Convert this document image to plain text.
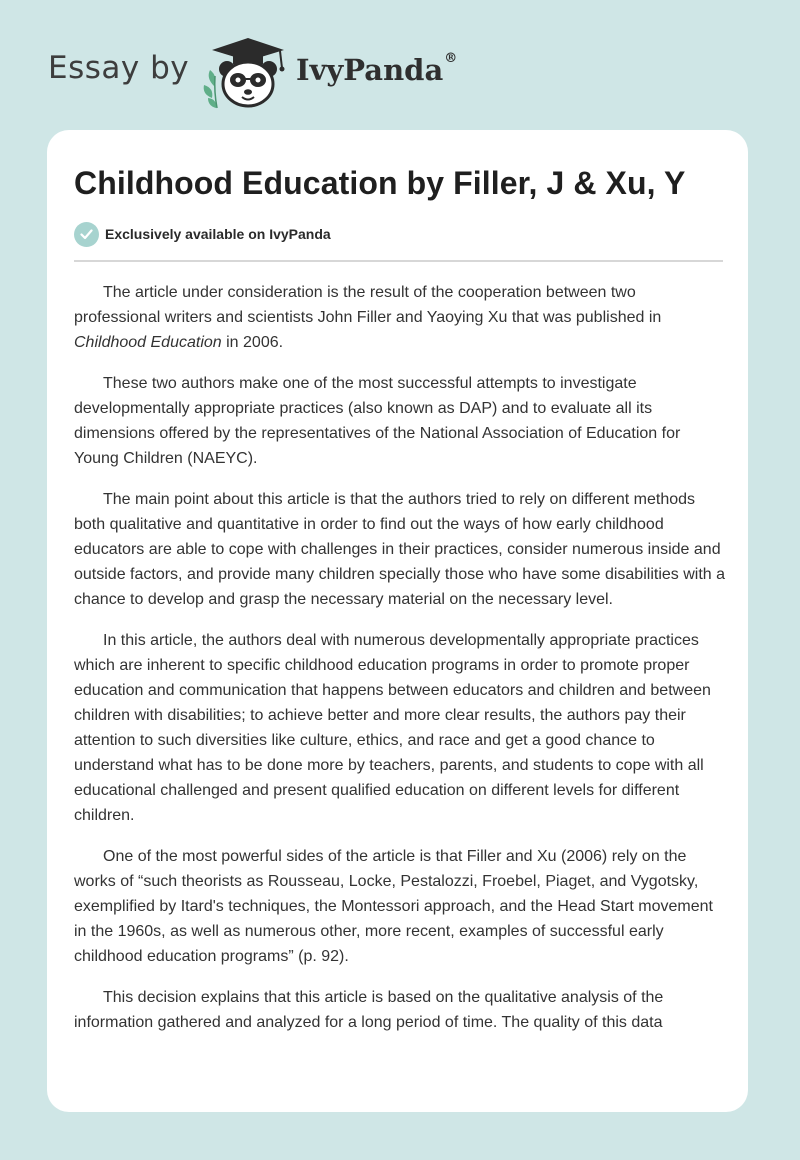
Essay by	IvyPanda®
Childhood Education by Filler, J & Xu, Y
Exclusively available on IvyPanda

The article under consideration is the result of the cooperation between two professional writers and scientists John Filler and Yaoying Xu that was published in Childhood Education in 2006.

These two authors make one of the most successful attempts to investigate developmentally appropriate practices (also known as DAP) and to evaluate all its dimensions offered by the representatives of the National Association of Education for Young Children (NAEYC).

The main point about this article is that the authors tried to rely on different methods both qualitative and quantitative in order to find out the ways of how early childhood educators are able to cope with challenges in their practices, consider numerous inside and outside factors, and provide many children specially those who have some disabilities with a chance to develop and grasp the necessary material on the necessary level.

In this article, the authors deal with numerous developmentally appropriate practices which are inherent to specific childhood education programs in order to promote proper education and communication that happens between educators and children and between children with disabilities; to achieve better and more clear results, the authors pay their attention to such diversities like culture, ethics, and race and get a good chance to understand what has to be done more by teachers, parents, and students to cope with all educational challenged and present qualified education on different levels for different children.

One of the most powerful sides of the article is that Filler and Xu (2006) rely on the works of “such theorists as Rousseau, Locke, Pestalozzi, Froebel, Piaget, and Vygotsky, exemplified by Itard's techniques, the Montessori approach, and the Head Start movement in the 1960s, as well as numerous other, more recent, examples of successful early childhood education programs” (p. 92).

This decision explains that this article is based on the qualitative analysis of the information gathered and analyzed for a long period of time. The quality of this data
